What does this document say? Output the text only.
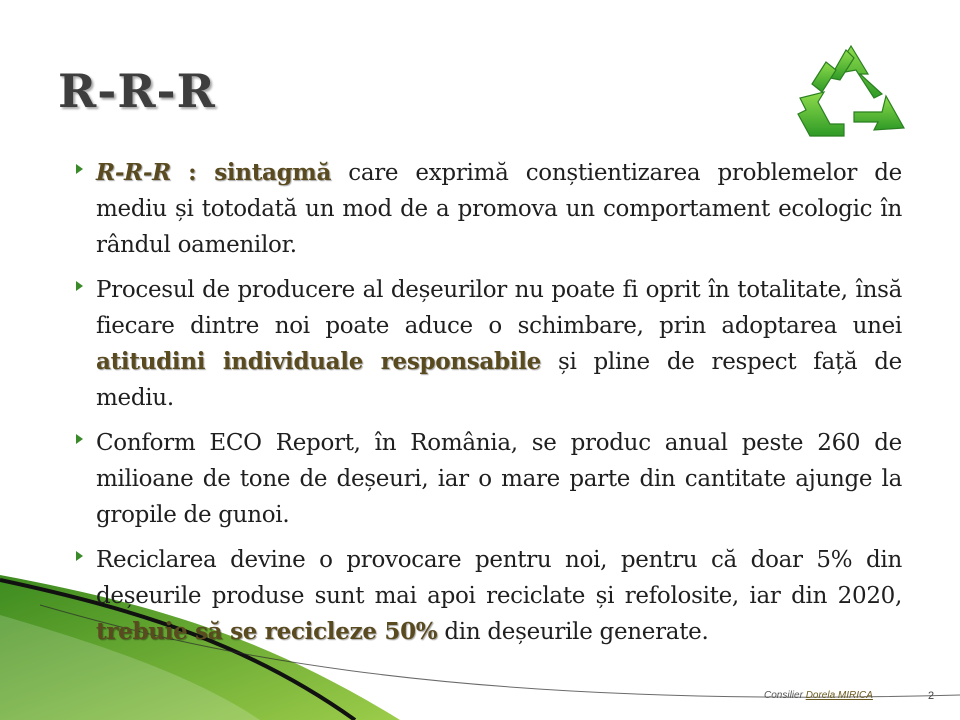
R-R-R
R-R-R : sintagmă care exprimă conștientizarea problemelor de mediu și totodată un mod de a promova un comportament ecologic în rândul oamenilor.
Procesul de producere al deșeurilor nu poate fi oprit în totalitate, însă fiecare dintre noi poate aduce o schimbare, prin adoptarea unei atitudini individuale responsabile și pline de respect față de mediu.
Conform ECO Report, în România, se produc anual peste 260 de milioane de tone de deșeuri, iar o mare parte din cantitate ajunge la gropile de gunoi.
Reciclarea devine o provocare pentru noi, pentru că doar 5% din deșeurile produse sunt mai apoi reciclate și refolosite, iar din 2020, trebuie să se recicleze 50% din deșeurile generate.
Consilier Dorela MIRICA	2
